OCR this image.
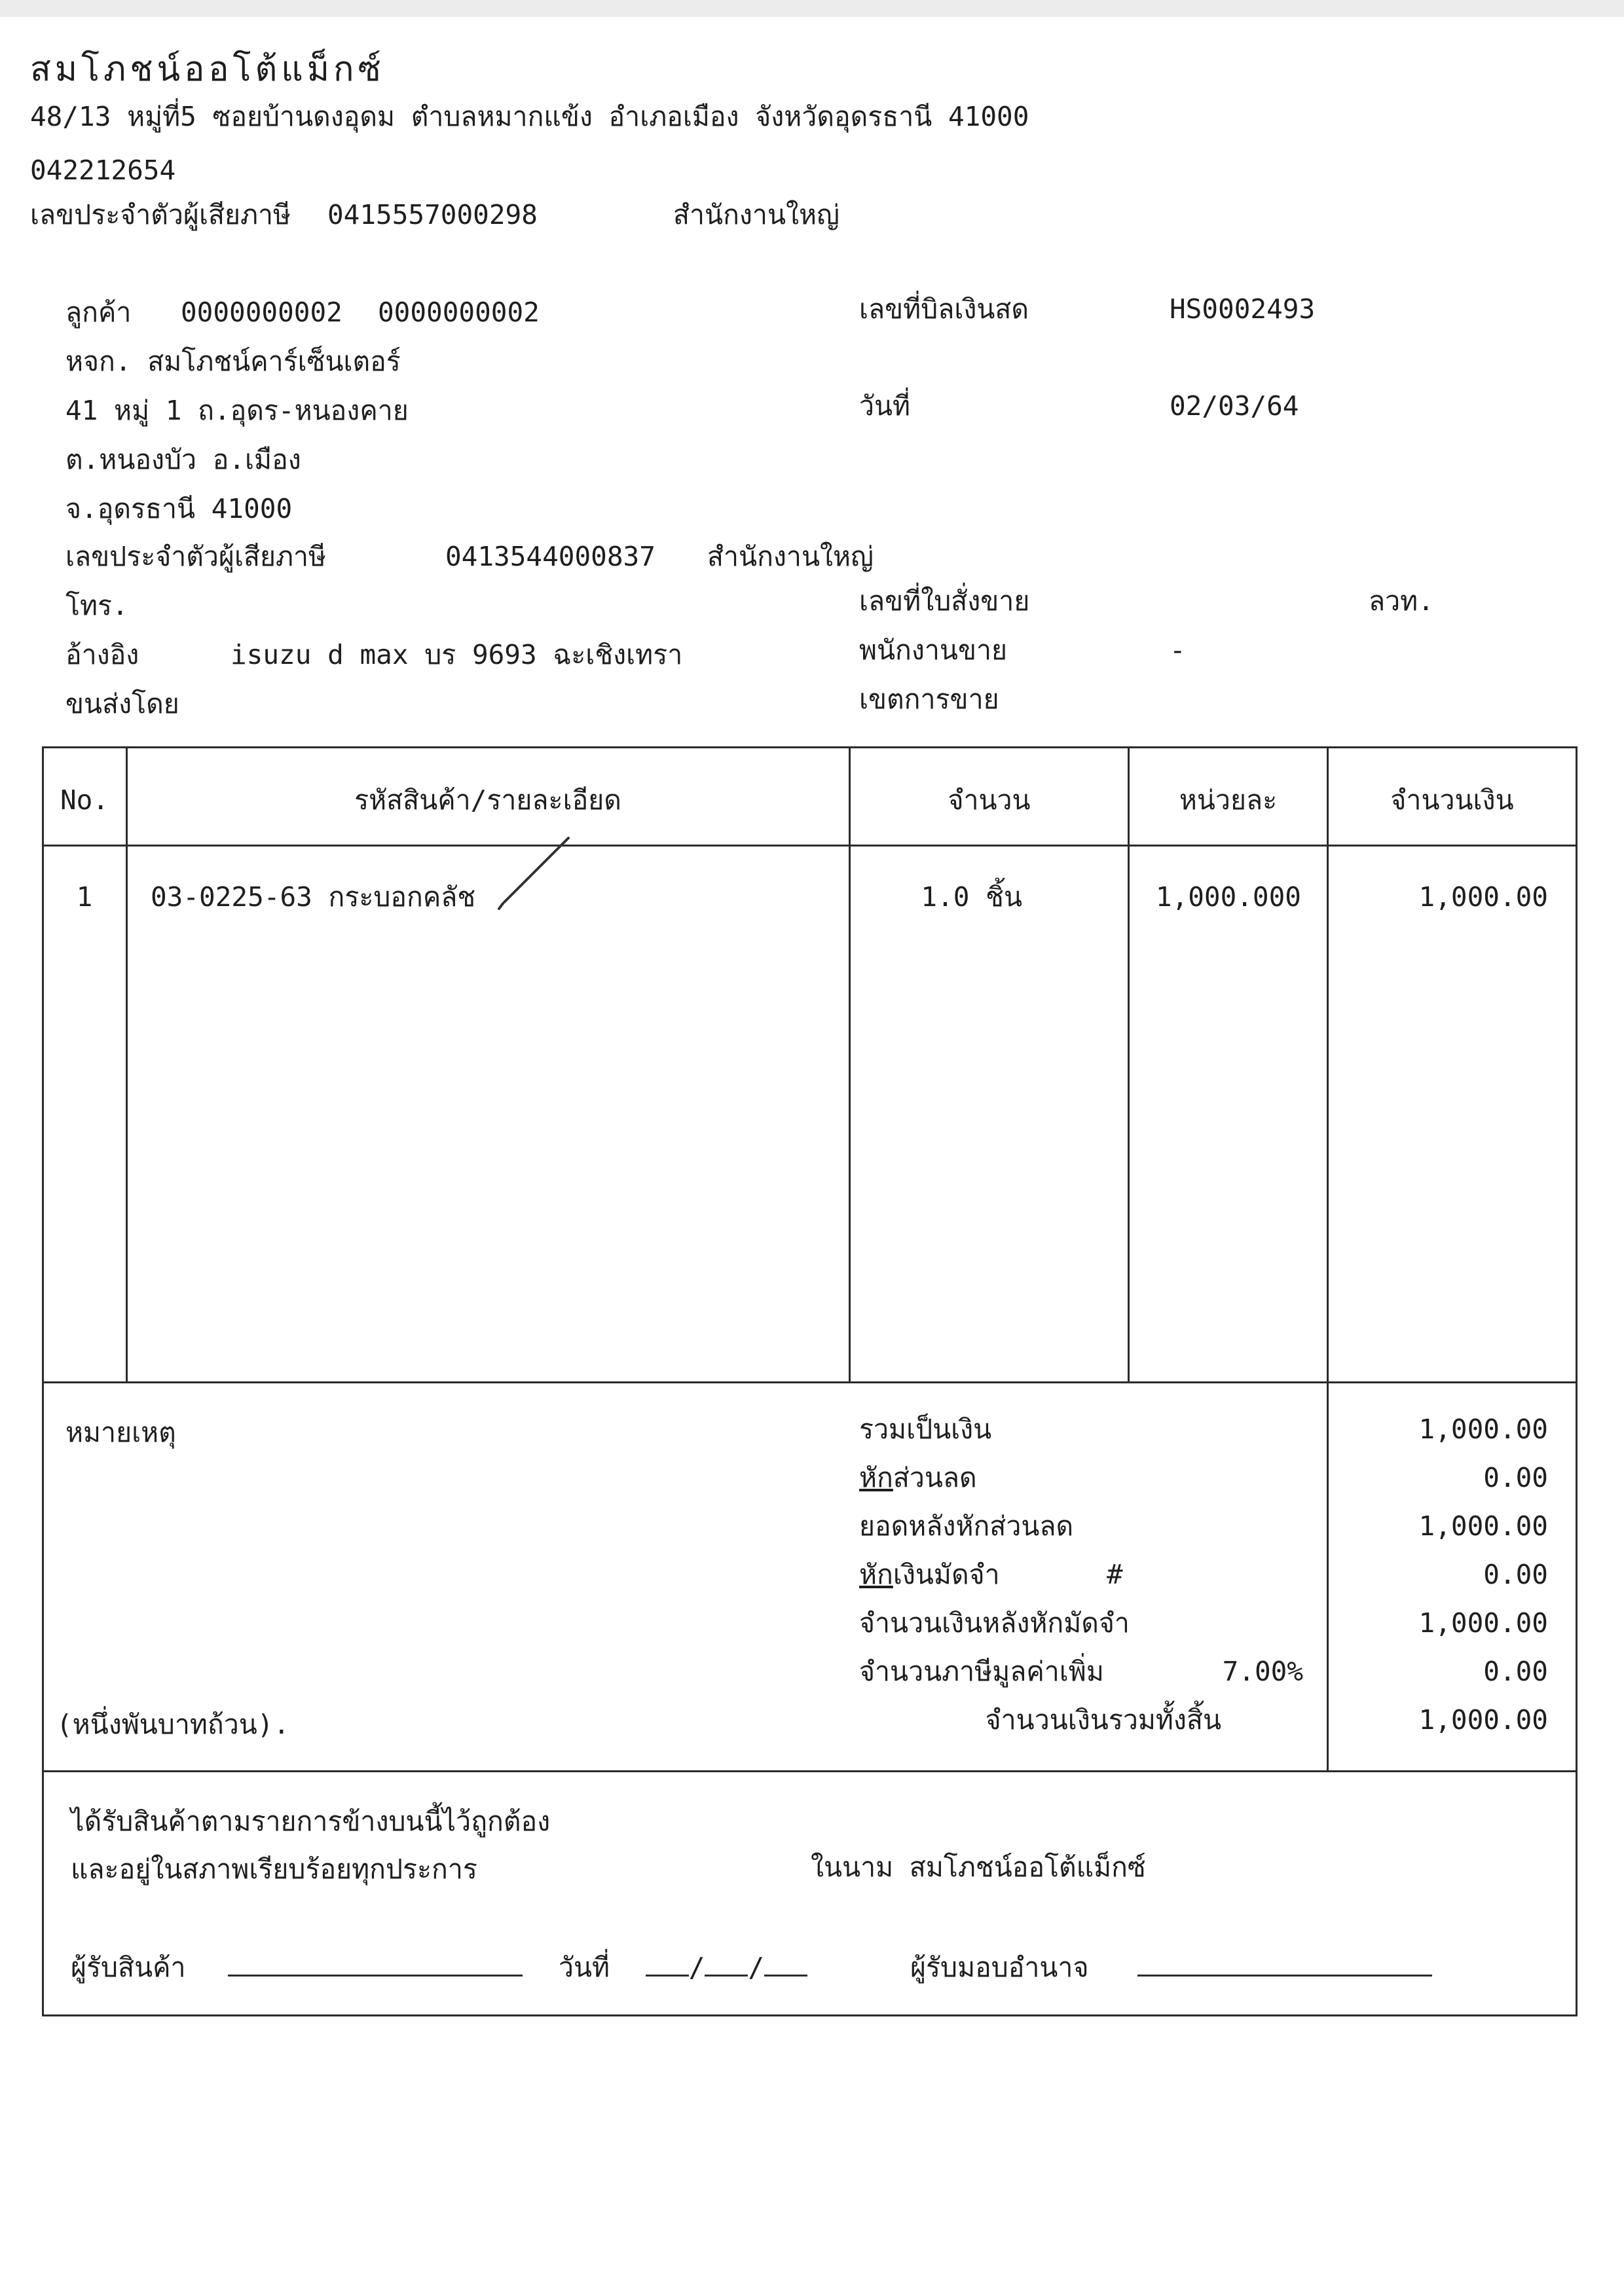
สมโภชน์ออโต้แม็กซ์
48/13 หมู่ที่5 ซอยบ้านดงอุดม ตำบลหมากแข้ง อำเภอเมือง จังหวัดอุดรธานี 41000
042212654
เลขประจำตัวผู้เสียภาษี 0415557000298	สำนักงานใหญ่
ลูกค้า 0000000002 0000000002
หจก. สมโภชน์คาร์เซ็นเตอร์
41 หมู่ 1 ถ.อุดร-หนองคาย
ต.หนองบัว อ.เมือง
จ.อุดรธานี 41000
เลขประจำตัวผู้เสียภาษี	0413544000837 สำนักงานใหญ่
โทร.
อ้างอิง	isuzu d max บร 9693 ฉะเชิงเทรา
ขนส่งโดย
เลขที่บิลเงินสด	HS0002493
วันที่	02/03/64
เลขที่ใบสั่งขาย	ลวท.
พนักงานขาย	-
เขตการขาย
No.	รหัสสินค้า/รายละเอียด	จำนวน	หน่วยละ	จำนวนเงิน
1	03-0225-63 กระบอกคลัช	1.0 ชิ้น	1,000.000	1,000.00
หมายเหตุ
(หนึ่งพันบาทถ้วน).
รวมเป็นเงิน	1,000.00
หักส่วนลด	0.00
ยอดหลังหักส่วนลด	1,000.00
หักเงินมัดจำ	#	0.00
จำนวนเงินหลังหักมัดจำ	1,000.00
จำนวนภาษีมูลค่าเพิ่ม	7.00%	0.00
จำนวนเงินรวมทั้งสิ้น	1,000.00
ได้รับสินค้าตามรายการข้างบนนี้ไว้ถูกต้อง
และอยู่ในสภาพเรียบร้อยทุกประการ	ในนาม สมโภชน์ออโต้แม็กซ์
ผู้รับสินค้า	วันที่	/ /	ผู้รับมอบอำนาจ
